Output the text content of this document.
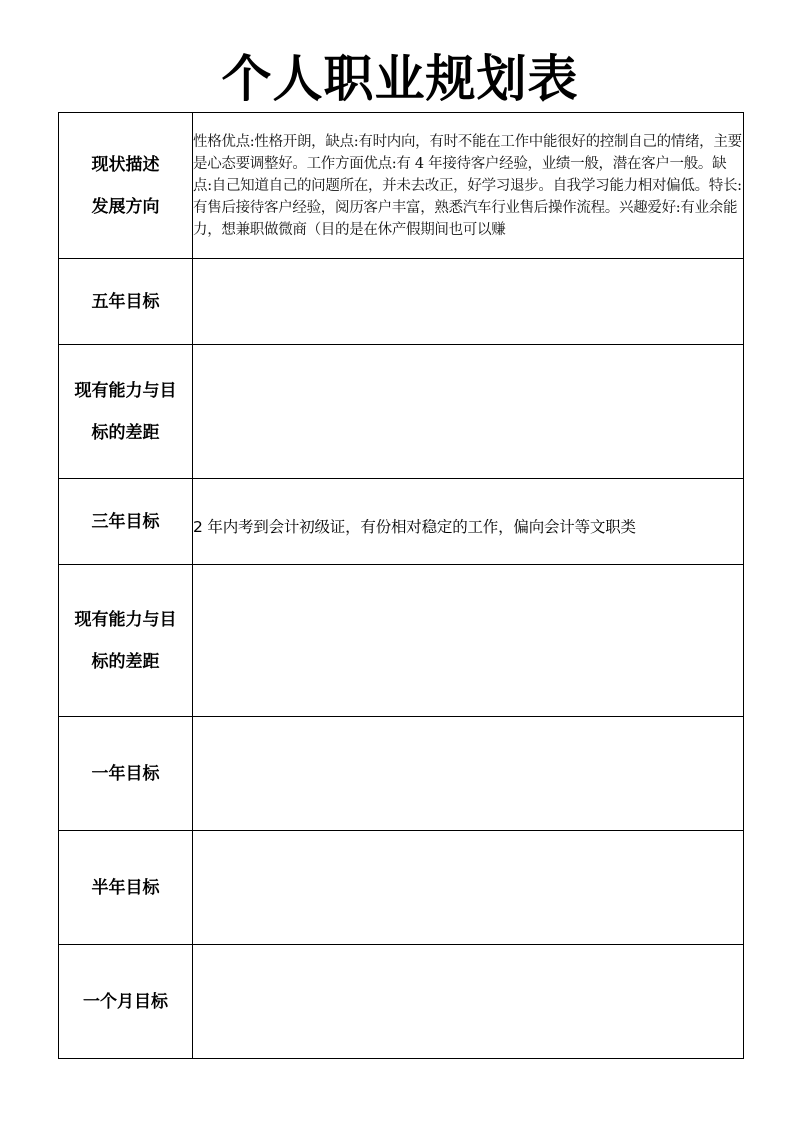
个人职业规划表
现状描述
发展方向	性格优点:性格开朗，缺点:有时内向，有时不能在工作中能很好的控制自己的情绪，主要是心态要调整好。工作方面优点:有 4 年接待客户经验，业绩一般，潜在客户一般。缺点:自己知道自己的问题所在，并未去改正，好学习退步。自我学习能力相对偏低。特长:有售后接待客户经验，阅历客户丰富，熟悉汽车行业售后操作流程。兴趣爱好:有业余能力，想兼职做微商（目的是在休产假期间也可以赚

五年目标	

现有能力与目
标的差距	

三年目标	2 年内考到会计初级证，有份相对稳定的工作，偏向会计等文职类

现有能力与目
标的差距	

一年目标	

半年目标	

一个月目标	
